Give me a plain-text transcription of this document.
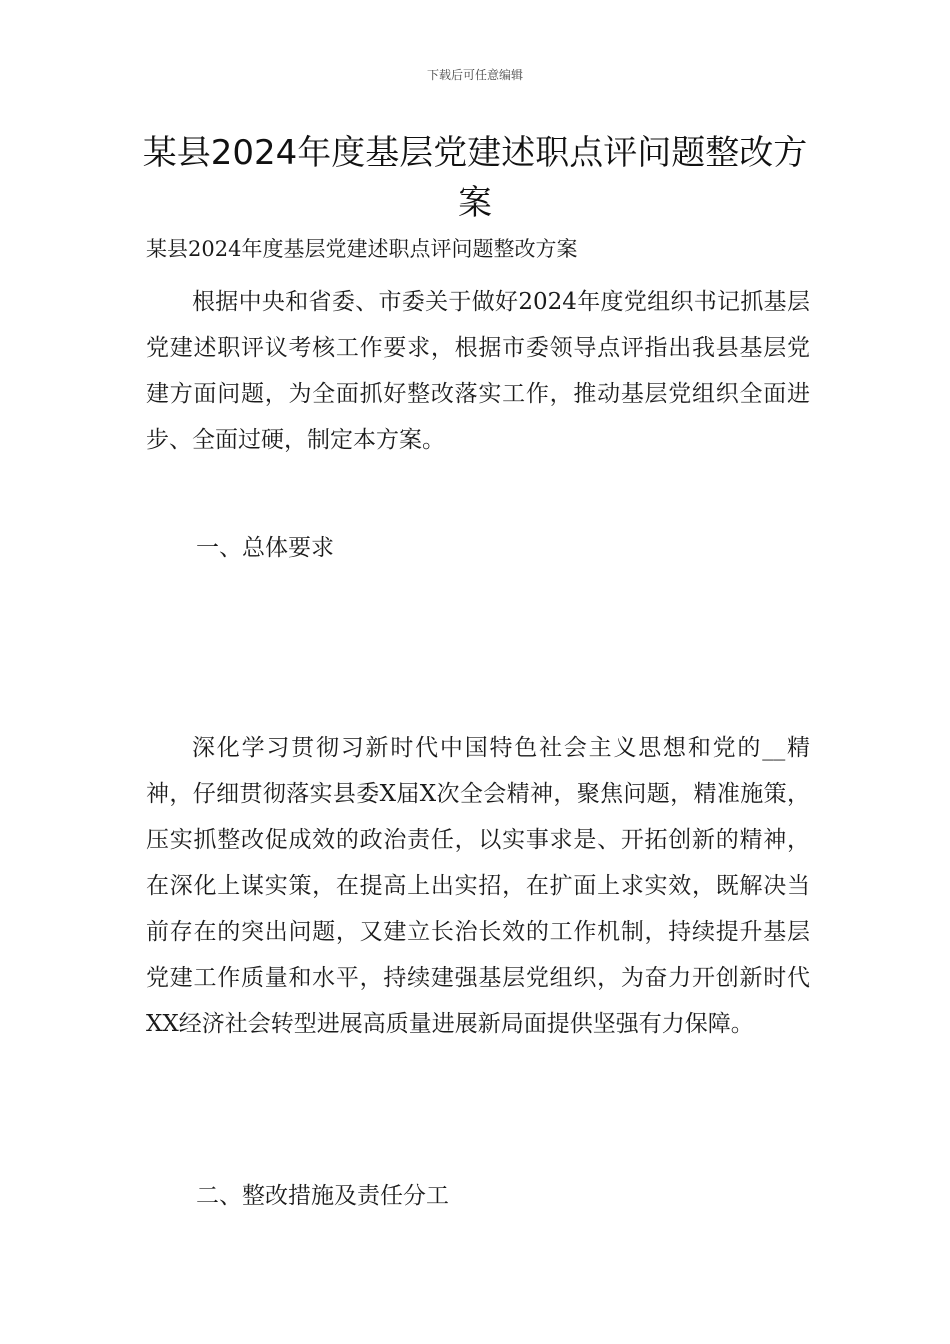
下载后可任意编辑
某县2024年度基层党建述职点评问题整改方案
某县2024年度基层党建述职点评问题整改方案

根据中央和省委、市委关于做好2024年度党组织书记抓基层党建述职评议考核工作要求，根据市委领导点评指出我县基层党建方面问题，为全面抓好整改落实工作，推动基层党组织全面进步、全面过硬，制定本方案。

一、总体要求

深化学习贯彻习新时代中国特色社会主义思想和党的__精神，仔细贯彻落实县委X届X次全会精神，聚焦问题，精准施策，压实抓整改促成效的政治责任，以实事求是、开拓创新的精神，在深化上谋实策，在提高上出实招，在扩面上求实效，既解决当前存在的突出问题，又建立长治长效的工作机制，持续提升基层党建工作质量和水平，持续建强基层党组织，为奋力开创新时代XX经济社会转型进展高质量进展新局面提供坚强有力保障。

二、整改措施及责任分工
